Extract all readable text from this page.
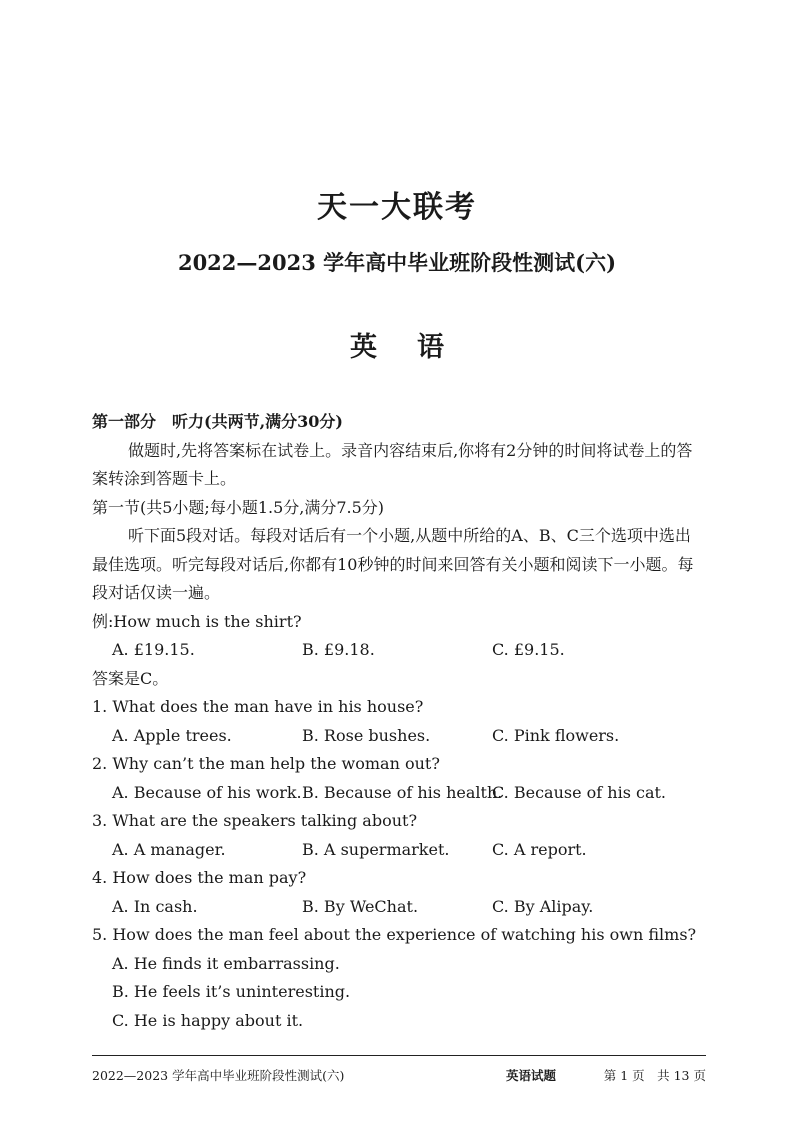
天一大联考
2022—2023 学年高中毕业班阶段性测试(六)
英语
第一部分　听力(共两节,满分30分)
做题时,先将答案标在试卷上。录音内容结束后,你将有2分钟的时间将试卷上的答案转涂到答题卡上。
第一节(共5小题;每小题1.5分,满分7.5分)
听下面5段对话。每段对话后有一个小题,从题中所给的A、B、C三个选项中选出最佳选项。听完每段对话后,你都有10秒钟的时间来回答有关小题和阅读下一小题。每段对话仅读一遍。
例:How much is the shirt?
A. £19.15.	B. £9.18.	C. £9.15.
答案是C。
1. What does the man have in his house?
A. Apple trees.	B. Rose bushes.	C. Pink flowers.
2. Why can’t the man help the woman out?
A. Because of his work. B. Because of his health.
C. Because of his cat.
3. What are the speakers talking about?
A. A manager.	B. A supermarket.	C. A report.
4. How does the man pay?
A. In cash.	B. By WeChat.	C. By Alipay.
5. How does the man feel about the experience of watching his own films?
A. He finds it embarrassing.
B. He feels it’s uninteresting.
C. He is happy about it.
2022—2023 学年高中毕业班阶段性测试(六)	英语试题	第 1 页　共 13 页
